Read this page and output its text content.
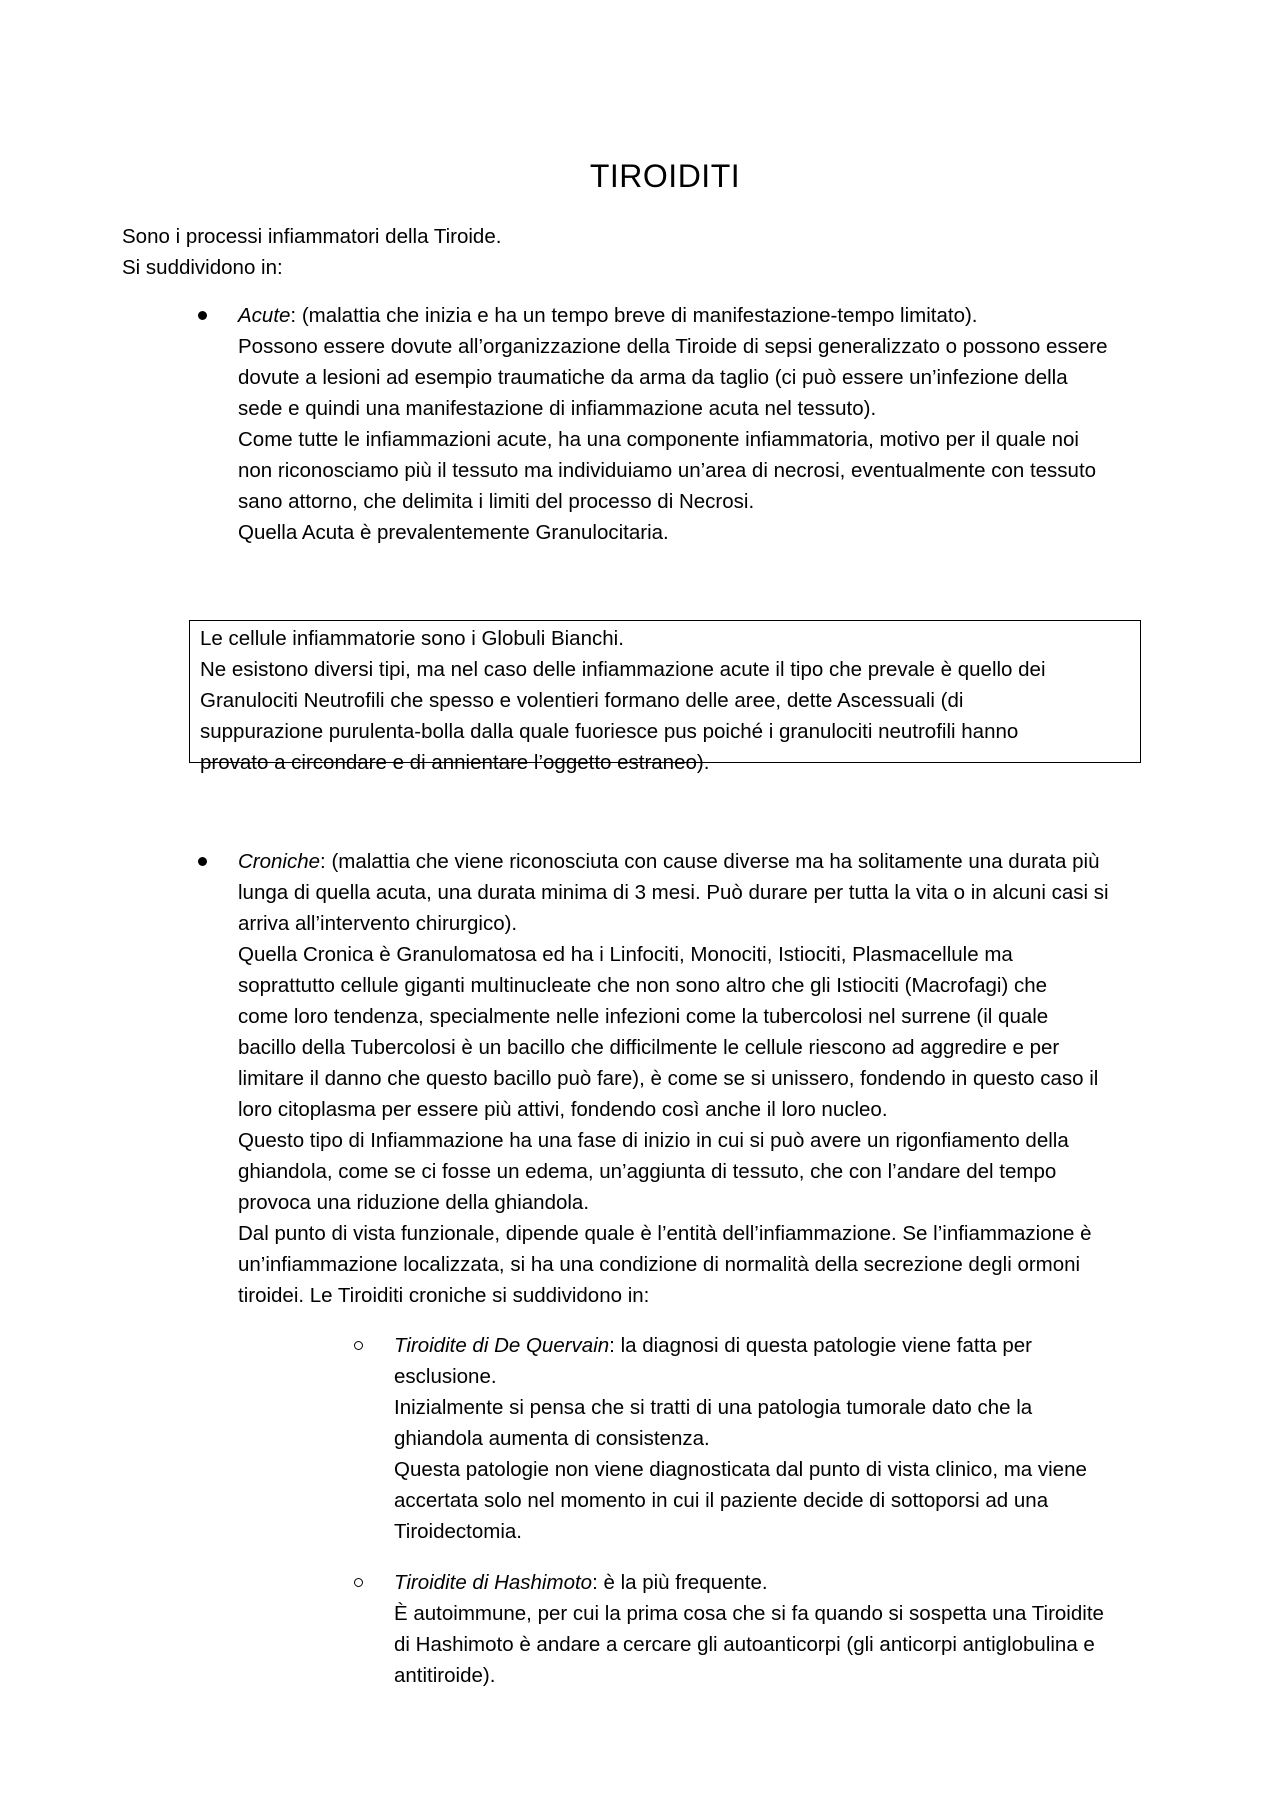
TIROIDITI

Sono i processi infiammatori della Tiroide.

Si suddividono in:

Acute: (malattia che inizia e ha un tempo breve di manifestazione-tempo limitato).

Possono essere dovute all’organizzazione della Tiroide di sepsi generalizzato o possono essere

dovute a lesioni ad esempio traumatiche da arma da taglio (ci può essere un’infezione della

sede e quindi una manifestazione di infiammazione acuta nel tessuto).

Come tutte le infiammazioni acute, ha una componente infiammatoria, motivo per il quale noi

non riconosciamo più il tessuto ma individuiamo un’area di necrosi, eventualmente con tessuto

sano attorno, che delimita i limiti del processo di Necrosi.

Quella Acuta è prevalentemente Granulocitaria.

Le cellule infiammatorie sono i Globuli Bianchi.

Ne esistono diversi tipi, ma nel caso delle infiammazione acute il tipo che prevale è quello dei

Granulociti Neutrofili che spesso e volentieri formano delle aree, dette Ascessuali (di

suppurazione purulenta-bolla dalla quale fuoriesce pus poiché i granulociti neutrofili hanno

provato a circondare e di annientare l’oggetto estraneo).

Croniche: (malattia che viene riconosciuta con cause diverse ma ha solitamente una durata più

lunga di quella acuta, una durata minima di 3 mesi. Può durare per tutta la vita o in alcuni casi si

arriva all’intervento chirurgico).

Quella Cronica è Granulomatosa ed ha i Linfociti, Monociti, Istiociti, Plasmacellule ma

soprattutto cellule giganti multinucleate che non sono altro che gli Istiociti (Macrofagi) che

come loro tendenza, specialmente nelle infezioni come la tubercolosi nel surrene (il quale

bacillo della Tubercolosi è un bacillo che difficilmente le cellule riescono ad aggredire e per

limitare il danno che questo bacillo può fare), è come se si unissero, fondendo in questo caso il

loro citoplasma per essere più attivi, fondendo così anche il loro nucleo.

Questo tipo di Infiammazione ha una fase di inizio in cui si può avere un rigonfiamento della

ghiandola, come se ci fosse un edema, un’aggiunta di tessuto, che con l’andare del tempo

provoca una riduzione della ghiandola.

Dal punto di vista funzionale, dipende quale è l’entità dell’infiammazione. Se l’infiammazione è

un’infiammazione localizzata, si ha una condizione di normalità della secrezione degli ormoni

tiroidei. Le Tiroiditi croniche si suddividono in:

Tiroidite di De Quervain: la diagnosi di questa patologie viene fatta per

esclusione.

Inizialmente si pensa che si tratti di una patologia tumorale dato che la

ghiandola aumenta di consistenza.

Questa patologie non viene diagnosticata dal punto di vista clinico, ma viene

accertata solo nel momento in cui il paziente decide di sottoporsi ad una

Tiroidectomia.

Tiroidite di Hashimoto: è la più frequente.

È autoimmune, per cui la prima cosa che si fa quando si sospetta una Tiroidite

di Hashimoto è andare a cercare gli autoanticorpi (gli anticorpi antiglobulina e

antitiroide).
